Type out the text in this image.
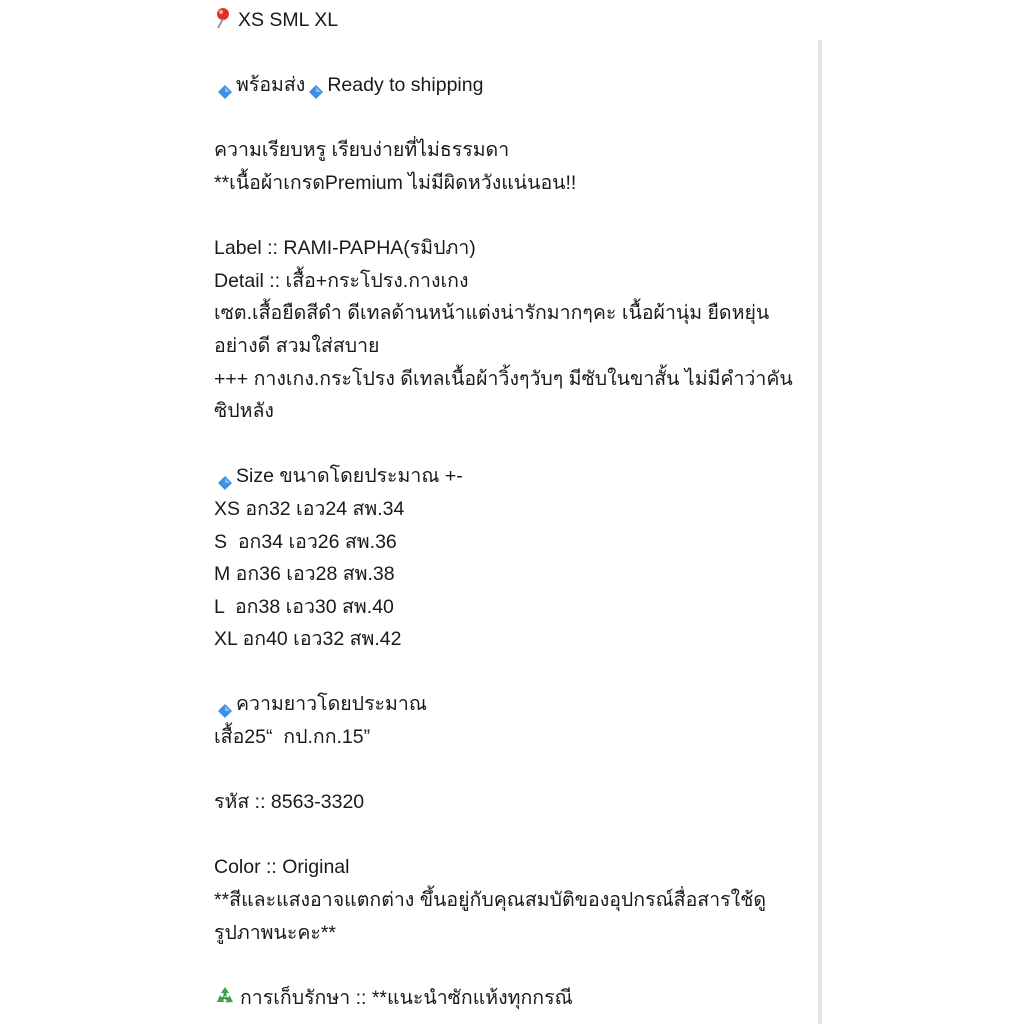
XS SML XL
พร้อมส่ง Ready to shipping
ความเรียบหรู เรียบง่ายที่ไม่ธรรมดา
**เนื้อผ้าเกรดPremium ไม่มีผิดหวังแน่นอน!!
Label :: RAMI-PAPHA(รมิปภา)
Detail :: เสื้อ+กระโปรง.กางเกง
เซต.เสื้อยืดสีดำ ดีเทลด้านหน้าแต่งน่ารักมากๆคะ เนื้อผ้านุ่ม ยืดหยุ่น
อย่างดี สวมใส่สบาย
+++ กางเกง.กระโปรง ดีเทลเนื้อผ้าวิ้งๆวับๆ มีซับในขาสั้น ไม่มีคำว่าคัน
ซิปหลัง
Size ขนาดโดยประมาณ +-
XS อก32 เอว24 สพ.34
S  อก34 เอว26 สพ.36
M อก36 เอว28 สพ.38
L  อก38 เอว30 สพ.40
XL อก40 เอว32 สพ.42
ความยาวโดยประมาณ
เสื้อ25“  กป.กก.15”
รหัส :: 8563-3320
Color :: Original
**สีและแสงอาจแตกต่าง ขึ้นอยู่กับคุณสมบัติของอุปกรณ์สื่อสารใช้ดู
รูปภาพนะคะ**
การเก็บรักษา :: **แนะนำซักแห้งทุกกรณี
